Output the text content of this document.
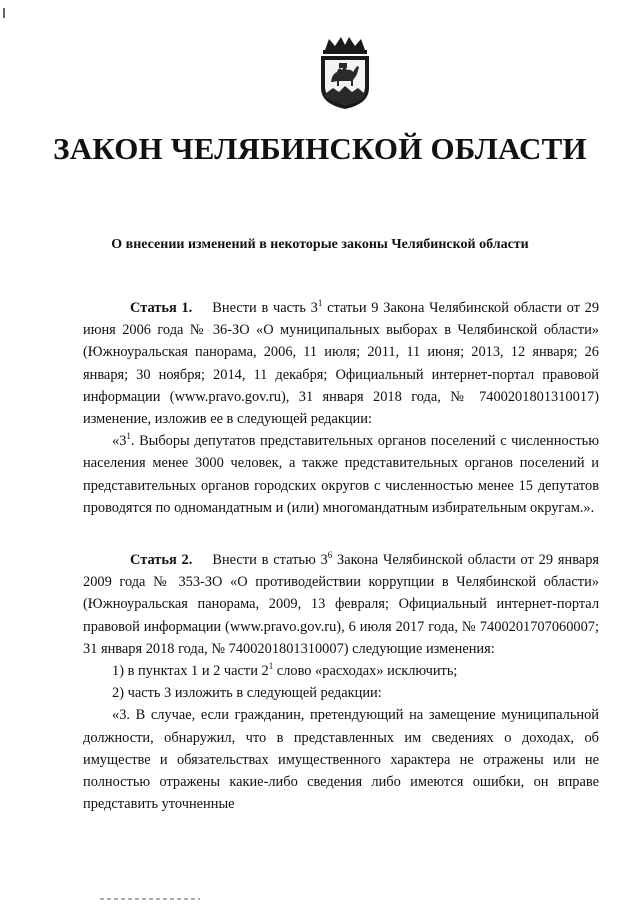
ЗАКОН ЧЕЛЯБИНСКОЙ ОБЛАСТИ
О внесении изменений в некоторые законы Челябинской области

Статья 1. Внести в часть $3^1$ статьи 9 Закона Челябинской области от 29 июня 2006 года № 36-ЗО «О муниципальных выборах в Челябинской области» (Южноуральская панорама, 2006, 11 июля; 2011, 11 июня; 2013, 12 января; 26 января; 30 ноября; 2014, 11 декабря; Официальный интернет-портал правовой информации (www.pravo.gov.ru), 31 января 2018 года, № 7400201801310017) изменение, изложив ее в следующей редакции:

«$3^1$. Выборы депутатов представительных органов поселений с численностью населения менее 3000 человек, а также представительных органов поселений и представительных органов городских округов с численностью менее 15 депутатов проводятся по одномандатным и (или) многомандатным избирательным округам.».

Статья 2. Внести в статью $3^6$ Закона Челябинской области от 29 января 2009 года № 353-ЗО «О противодействии коррупции в Челябинской области» (Южноуральская панорама, 2009, 13 февраля; Официальный интернет-портал правовой информации (www.pravo.gov.ru), 6 июля 2017 года, № 7400201707060007; 31 января 2018 года, № 7400201801310007) следующие изменения:

1) в пунктах 1 и 2 части $2^1$ слово «расходах» исключить;

2) часть 3 изложить в следующей редакции:

«3. В случае, если гражданин, претендующий на замещение муниципальной должности, обнаружил, что в представленных им сведениях о доходах, об имуществе и обязательствах имущественного характера не отражены или не полностью отражены какие-либо сведения либо имеются ошибки, он вправе представить уточненные
